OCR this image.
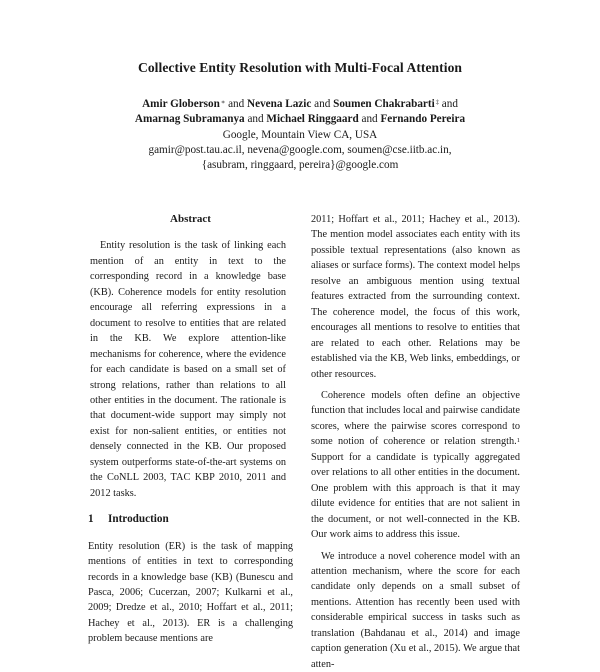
Collective Entity Resolution with Multi-Focal Attention
Amir Globerson∗ and Nevena Lazic and Soumen Chakrabarti‡ and
Amarnag Subramanya and Michael Ringgaard and Fernando Pereira
Google, Mountain View CA, USA
gamir@post.tau.ac.il, nevena@google.com, soumen@cse.iitb.ac.in,
{asubram, ringgaard, pereira}@google.com
Abstract

Entity resolution is the task of linking each mention of an entity in text to the corresponding record in a knowledge base (KB). Coherence models for entity resolution encourage all referring expressions in a document to resolve to entities that are related in the KB. We explore attention-like mechanisms for coherence, where the evidence for each candidate is based on a small set of strong relations, rather than relations to all other entities in the document. The rationale is that document-wide support may simply not exist for non-salient entities, or entities not densely connected in the KB. Our proposed system outperforms state-of-the-art systems on the CoNLL 2003, TAC KBP 2010, 2011 and 2012 tasks.

1 Introduction

Entity resolution (ER) is the task of mapping mentions of entities in text to corresponding records in a knowledge base (KB) (Bunescu and Pasca, 2006; Cucerzan, 2007; Kulkarni et al., 2009; Dredze et al., 2010; Hoffart et al., 2011; Hachey et al., 2013). ER is a challenging problem because mentions are

2011; Hoffart et al., 2011; Hachey et al., 2013). The mention model associates each entity with its possible textual representations (also known as aliases or surface forms). The context model helps resolve an ambiguous mention using textual features extracted from the surrounding context. The coherence model, the focus of this work, encourages all mentions to resolve to entities that are related to each other. Relations may be established via the KB, Web links, embeddings, or other resources.

Coherence models often define an objective function that includes local and pairwise candidate scores, where the pairwise scores correspond to some notion of coherence or relation strength.$^1$ Support for a candidate is typically aggregated over relations to all other entities in the document. One problem with this approach is that it may dilute evidence for entities that are not salient in the document, or not well-connected in the KB. Our work aims to address this issue.

We introduce a novel coherence model with an attention mechanism, where the score for each candidate only depends on a small subset of mentions. Attention has recently been used with considerable empirical success in tasks such as translation (Bahdanau et al., 2014) and image caption generation (Xu et al., 2015). We argue that atten-
